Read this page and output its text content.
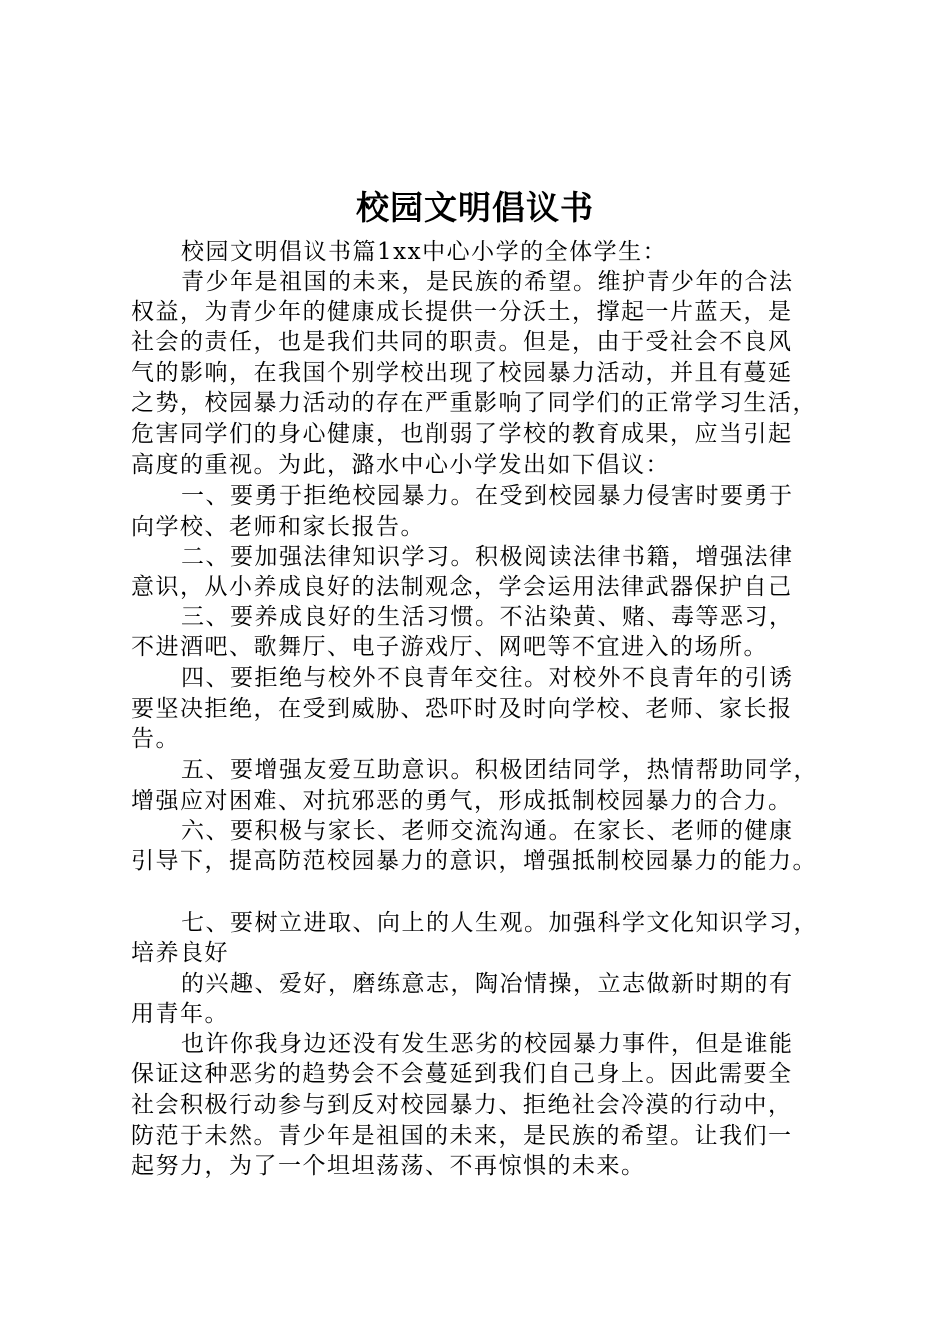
校园文明倡议书
校园文明倡议书篇1xx中心小学的全体学生：
青少年是祖国的未来，是民族的希望。维护青少年的合法
权益，为青少年的健康成长提供一分沃土，撑起一片蓝天，是
社会的责任，也是我们共同的职责。但是，由于受社会不良风
气的影响，在我国个别学校出现了校园暴力活动，并且有蔓延
之势，校园暴力活动的存在严重影响了同学们的正常学习生活，
危害同学们的身心健康，也削弱了学校的教育成果，应当引起
高度的重视。为此，潞水中心小学发出如下倡议：
一、要勇于拒绝校园暴力。在受到校园暴力侵害时要勇于
向学校、老师和家长报告。
二、要加强法律知识学习。积极阅读法律书籍，增强法律
意识，从小养成良好的法制观念，学会运用法律武器保护自己
三、要养成良好的生活习惯。不沾染黄、赌、毒等恶习，
不进酒吧、歌舞厅、电子游戏厅、网吧等不宜进入的场所。
四、要拒绝与校外不良青年交往。对校外不良青年的引诱
要坚决拒绝，在受到威胁、恐吓时及时向学校、老师、家长报
告。
五、要增强友爱互助意识。积极团结同学，热情帮助同学，
增强应对困难、对抗邪恶的勇气，形成抵制校园暴力的合力。
六、要积极与家长、老师交流沟通。在家长、老师的健康
引导下，提高防范校园暴力的意识，增强抵制校园暴力的能力。
七、要树立进取、向上的人生观。加强科学文化知识学习，
培养良好
的兴趣、爱好，磨练意志，陶冶情操，立志做新时期的有
用青年。
也许你我身边还没有发生恶劣的校园暴力事件，但是谁能
保证这种恶劣的趋势会不会蔓延到我们自己身上。因此需要全
社会积极行动参与到反对校园暴力、拒绝社会冷漠的行动中，
防范于未然。青少年是祖国的未来，是民族的希望。让我们一
起努力，为了一个坦坦荡荡、不再惊惧的未来。
